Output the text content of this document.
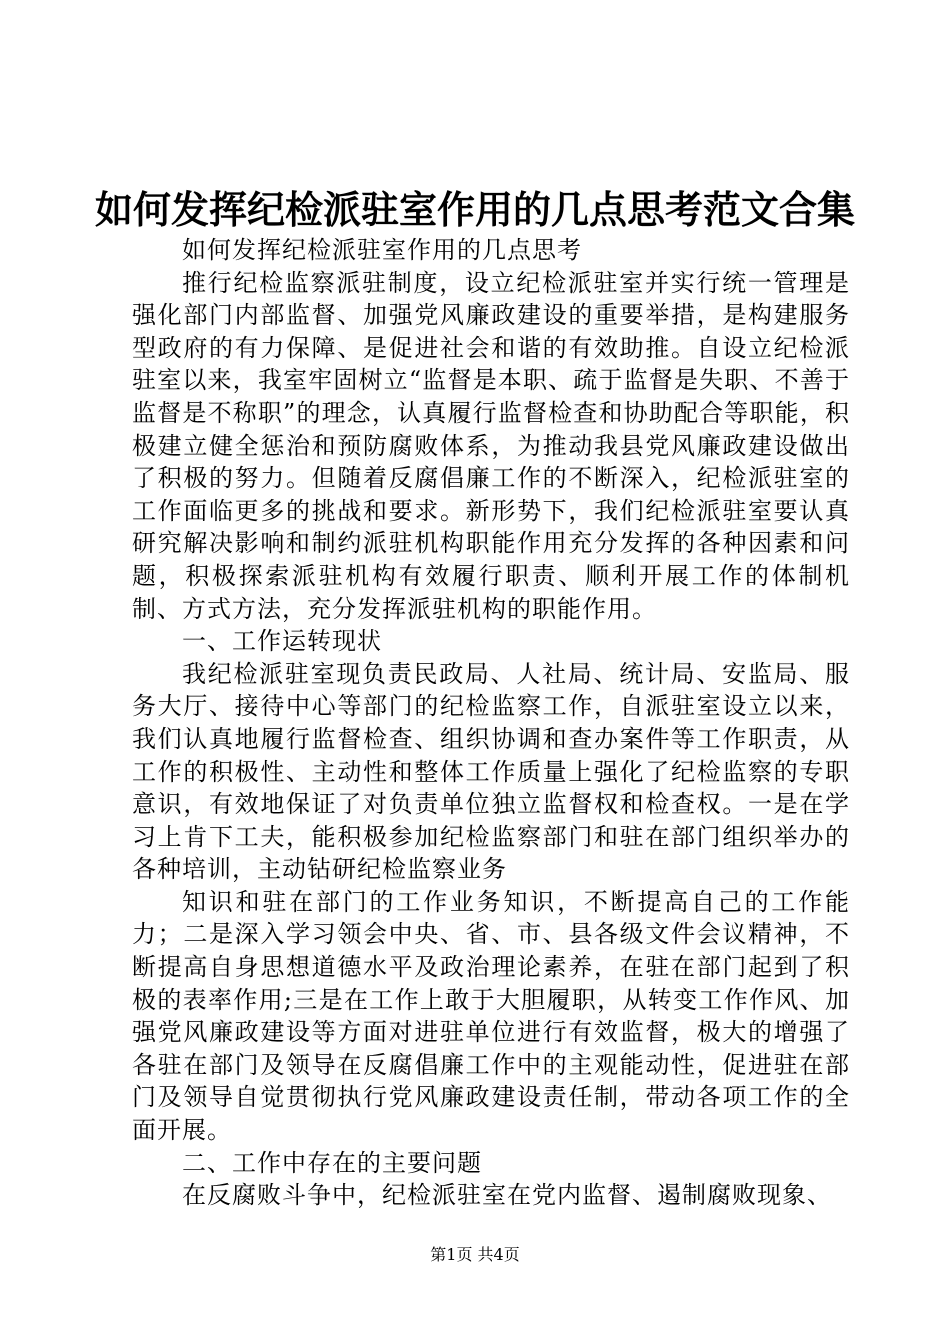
如何发挥纪检派驻室作用的几点思考范文合集

如何发挥纪检派驻室作用的几点思考

推行纪检监察派驻制度，设立纪检派驻室并实行统一管理是强化部门内部监督、加强党风廉政建设的重要举措，是构建服务型政府的有力保障、是促进社会和谐的有效助推。自设立纪检派驻室以来，我室牢固树立“监督是本职、疏于监督是失职、不善于监督是不称职”的理念，认真履行监督检查和协助配合等职能，积极建立健全惩治和预防腐败体系，为推动我县党风廉政建设做出了积极的努力。但随着反腐倡廉工作的不断深入，纪检派驻室的工作面临更多的挑战和要求。新形势下，我们纪检派驻室要认真研究解决影响和制约派驻机构职能作用充分发挥的各种因素和问题，积极探索派驻机构有效履行职责、顺利开展工作的体制机制、方式方法，充分发挥派驻机构的职能作用。

一、工作运转现状

我纪检派驻室现负责民政局、人社局、统计局、安监局、服务大厅、接待中心等部门的纪检监察工作，自派驻室设立以来，我们认真地履行监督检查、组织协调和查办案件等工作职责，从工作的积极性、主动性和整体工作质量上强化了纪检监察的专职意识，有效地保证了对负责单位独立监督权和检查权。一是在学习上肯下工夫，能积极参加纪检监察部门和驻在部门组织举办的各种培训，主动钻研纪检监察业务

知识和驻在部门的工作业务知识，不断提高自己的工作能力；二是深入学习领会中央、省、市、县各级文件会议精神，不断提高自身思想道德水平及政治理论素养，在驻在部门起到了积极的表率作用;三是在工作上敢于大胆履职，从转变工作作风、加强党风廉政建设等方面对进驻单位进行有效监督，极大的增强了各驻在部门及领导在反腐倡廉工作中的主观能动性，促进驻在部门及领导自觉贯彻执行党风廉政建设责任制，带动各项工作的全面开展。

二、工作中存在的主要问题

在反腐败斗争中，纪检派驻室在党内监督、遏制腐败现象、

第1页 共4页
